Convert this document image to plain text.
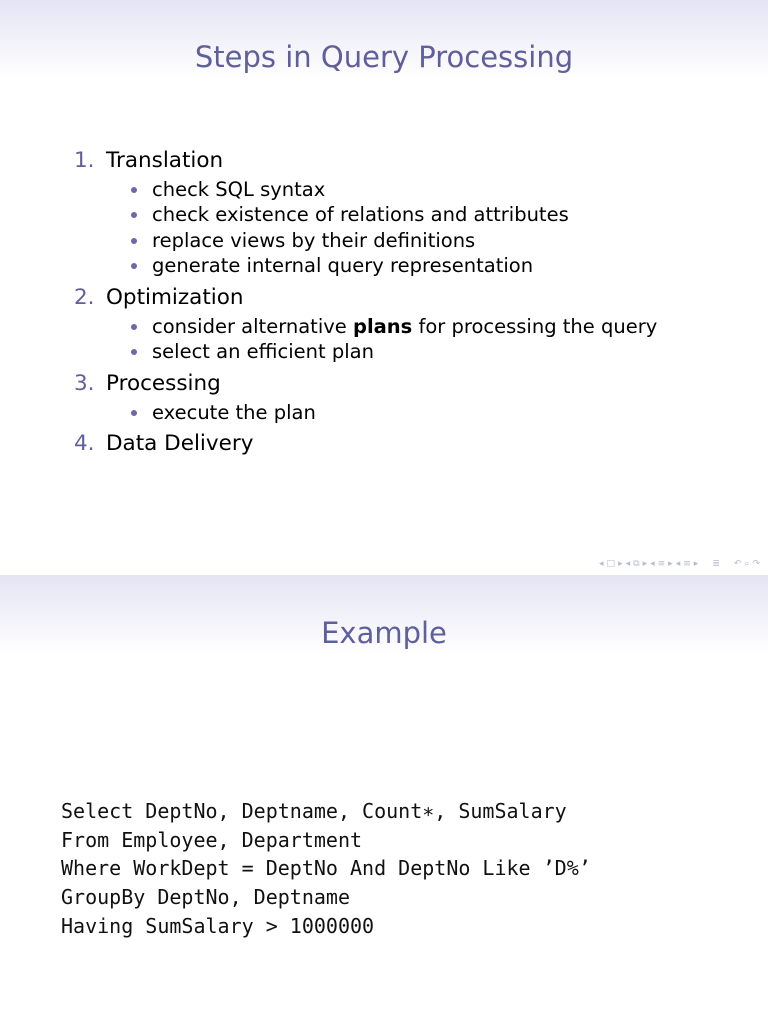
Steps in Query Processing
1. Translation
check SQL syntax
check existence of relations and attributes
replace views by their definitions
generate internal query representation
2. Optimization
consider alternative plans for processing the query
select an efficient plan
3. Processing
execute the plan
4. Data Delivery
◂ □ ▸ ◂ ⧉ ▸ ◂ ≡ ▸ ◂ ≡ ▸ ≣ ↶ ⌕ ↷
Example
Select DeptNo, Deptname, Count∗, SumSalary
From Employee, Department
Where WorkDept = DeptNo And DeptNo Like ’D%’
GroupBy DeptNo, Deptname
Having SumSalary > 1000000
